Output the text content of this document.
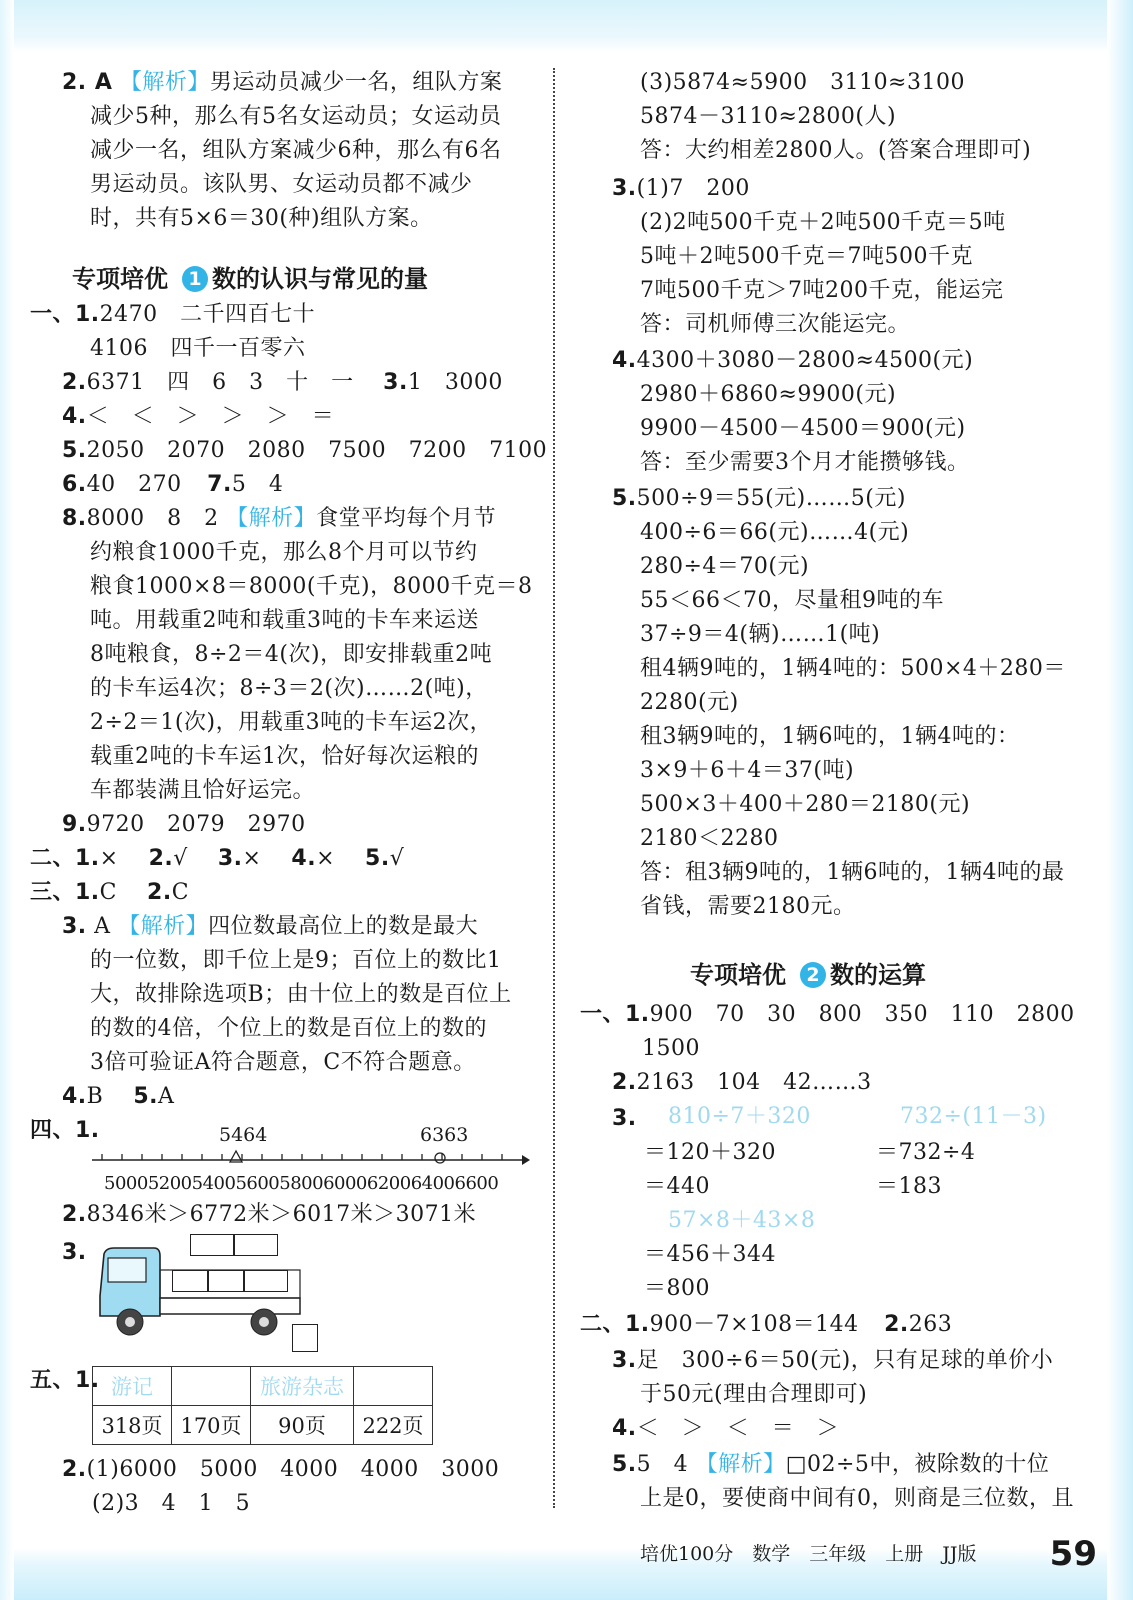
2. A 【解析】男运动员减少一名，组队方案
减少5种，那么有5名女运动员；女运动员
减少一名，组队方案减少6种，那么有6名
男运动员。该队男、女运动员都不减少
时，共有5×6＝30(种)组队方案。
专项培优 1 数的认识与常见的量
一、1.2470　二千四百七十
4106　四千一百零六
2.6371　四　6　3　十　一 3.1　3000
4.＜　＜　＞　＞　＞　＝
5.2050　2070　2080　7500　7200　7100
6.40　270 7.5　4
8.8000　8　2 【解析】食堂平均每个月节
约粮食1000千克，那么8个月可以节约
粮食1000×8＝8000(千克)，8000千克＝8
吨。用载重2吨和载重3吨的卡车来运送
8吨粮食，8÷2＝4(次)，即安排载重2吨
的卡车运4次；8÷3＝2(次)……2(吨)，
2÷2＝1(次)，用载重3吨的卡车运2次，
载重2吨的卡车运1次，恰好每次运粮的
车都装满且恰好运完。
9.9720　2079　2970
二、1.×　 2.√　 3.×　 4.×　 5.√
三、1.C　 2.C
3. A 【解析】四位数最高位上的数是最大
的一位数，即千位上是9；百位上的数比1
大，故排除选项B；由十位上的数是百位上
的数的4倍，个位上的数是百位上的数的
3倍可验证A符合题意，C不符合题意。
4.B　 5.A
四、1.	5464	6363
500052005400560058006000620064006600
2.8346米＞6772米＞6017米＞3071米
3.
五、1. 游记		旅游杂志	
318页	170页	90页	222页
2.(1)6000　5000　4000　4000　3000
(2)3　4　1　5
(3)5874≈5900　3110≈3100
5874－3110≈2800(人)
答：大约相差2800人。(答案合理即可)
3.(1)7　200
(2)2吨500千克＋2吨500千克＝5吨
5吨＋2吨500千克＝7吨500千克
7吨500千克＞7吨200千克，能运完
答：司机师傅三次能运完。
4.4300＋3080－2800≈4500(元)
2980＋6860≈9900(元)
9900－4500－4500＝900(元)
答：至少需要3个月才能攒够钱。
5.500÷9＝55(元)……5(元)
400÷6＝66(元)……4(元)
280÷4＝70(元)
55＜66＜70，尽量租9吨的车
37÷9＝4(辆)……1(吨)
租4辆9吨的，1辆4吨的：500×4＋280＝
2280(元)
租3辆9吨的，1辆6吨的，1辆4吨的：
3×9＋6＋4＝37(吨)
500×3＋400＋280＝2180(元)
2180＜2280
答：租3辆9吨的，1辆6吨的，1辆4吨的最
省钱，需要2180元。
专项培优 2 数的运算
一、1.900　70　30　800　350　110　2800
1500
2.2163　104　42……3
3. 810÷7＋320	732÷(11－3)
＝120＋320	＝732÷4
＝440	＝183
57×8＋43×8
＝456＋344
＝800
二、1.900－7×108＝144 2.263
3.足　300÷6＝50(元)，只有足球的单价小
于50元(理由合理即可)
4.＜　＞　＜　＝　＞
5.5　4 【解析】□02÷5中，被除数的十位
上是0，要使商中间有0，则商是三位数，且
培优100分　数学　三年级　上册　JJ版 59
